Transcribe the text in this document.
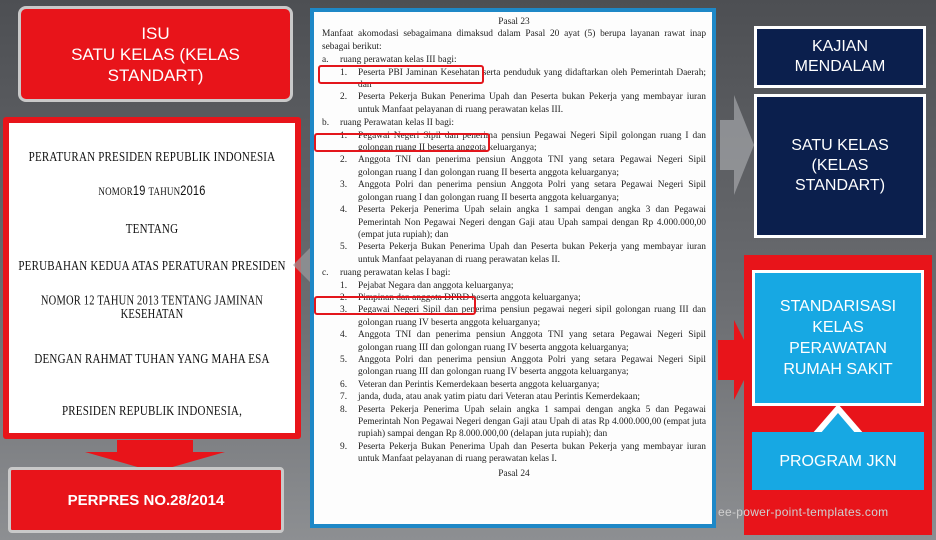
ISU
SATU KELAS (KELAS
STANDART)
PERATURAN PRESIDEN REPUBLIK INDONESIA
NOMOR19 TAHUN2016
TENTANG
PERUBAHAN KEDUA ATAS PERATURAN PRESIDEN
NOMOR 12 TAHUN 2013 TENTANG JAMINAN KESEHATAN
DENGAN RAHMAT TUHAN YANG MAHA ESA
PRESIDEN REPUBLIK INDONESIA,
PERPRES NO.28/2014
Pasal 23
Manfaat akomodasi sebagaimana dimaksud dalam Pasal 20 ayat (5) berupa layanan rawat inap sebagai berikut:
a.	ruang perawatan kelas III bagi:
1.	Peserta PBI Jaminan Kesehatan serta penduduk yang didaftarkan oleh Pemerintah Daerah; dan
2.	Peserta Pekerja Bukan Penerima Upah dan Peserta bukan Pekerja yang membayar iuran untuk Manfaat pelayanan di ruang perawatan kelas III.
b.	ruang Perawatan kelas II bagi:
1.	Pegawai Negeri Sipil dan penerima pensiun Pegawai Negeri Sipil golongan ruang I dan golongan ruang II beserta anggota keluarganya;
2.	Anggota TNI dan penerima pensiun Anggota TNI yang setara Pegawai Negeri Sipil golongan ruang I dan golongan ruang II beserta anggota keluarganya;
3.	Anggota Polri dan penerima pensiun Anggota Polri yang setara Pegawai Negeri Sipil golongan ruang I dan golongan ruang II beserta anggota keluarganya;
4.	Peserta Pekerja Penerima Upah selain angka 1 sampai dengan angka 3 dan Pegawai Pemerintah Non Pegawai Negeri dengan Gaji atau Upah sampai dengan Rp 4.000.000,00 (empat juta rupiah); dan
5.	Peserta Pekerja Bukan Penerima Upah dan Peserta bukan Pekerja yang membayar iuran untuk Manfaat pelayanan di ruang perawatan kelas II.
c.	ruang perawatan kelas I bagi:
1.	Pejabat Negara dan anggota keluarganya;
2.	Pimpinan dan anggota DPRD beserta anggota keluarganya;
3.	Pegawai Negeri Sipil dan penerima pensiun pegawai negeri sipil golongan ruang III dan golongan ruang IV beserta anggota keluarganya;
4.	Anggota TNI dan penerima pensiun Anggota TNI yang setara Pegawai Negeri Sipil golongan ruang III dan golongan ruang IV beserta anggota keluarganya;
5.	Anggota Polri dan penerima pensiun Anggota Polri yang setara Pegawai Negeri Sipil golongan ruang III dan golongan ruang IV beserta anggota keluarganya;
6.	Veteran dan Perintis Kemerdekaan beserta anggota keluarganya;
7.	janda, duda, atau anak yatim piatu dari Veteran atau Perintis Kemerdekaan;
8.	Peserta Pekerja Penerima Upah selain angka 1 sampai dengan angka 5 dan Pegawai Pemerintah Non Pegawai Negeri dengan Gaji atau Upah di atas Rp 4.000.000,00 (empat juta rupiah) sampai dengan Rp 8.000.000,00 (delapan juta rupiah); dan
9.	Peserta Pekerja Bukan Penerima Upah dan Peserta bukan Pekerja yang membayar iuran untuk Manfaat pelayanan di ruang perawatan kelas I.
Pasal 24
KAJIAN
MENDALAM
SATU KELAS
(KELAS
STANDART)
STANDARISASI
KELAS
PERAWATAN
RUMAH SAKIT
PROGRAM JKN
ee-power-point-templates.com
